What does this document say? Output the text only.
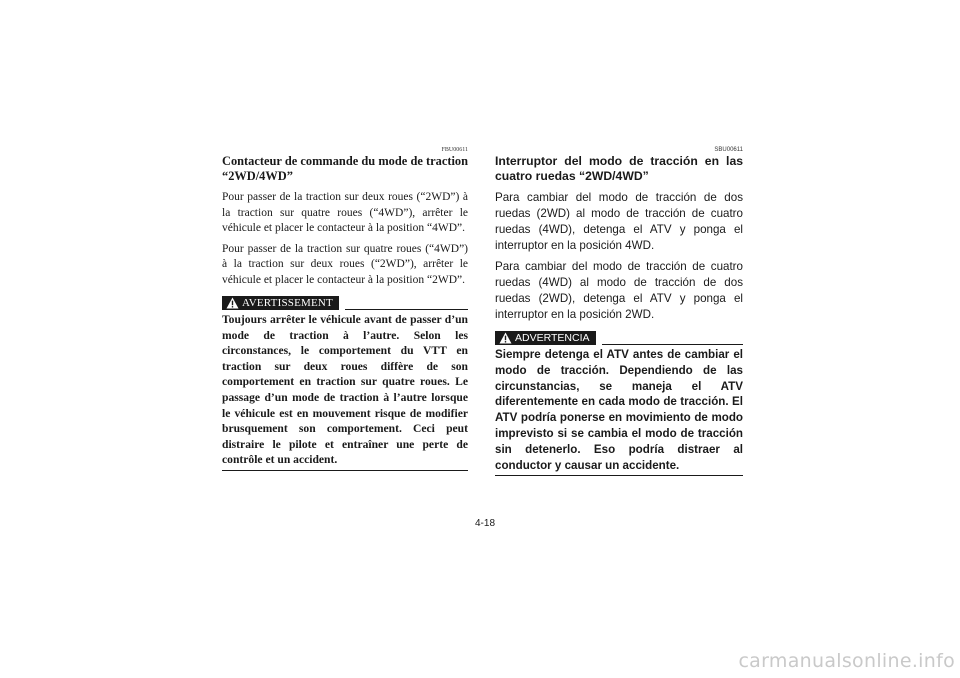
FBU00611
Contacteur de commande du mode de traction “2WD/4WD”

Pour passer de la traction sur deux roues (“2WD”) à la traction sur quatre roues (“4WD”), arrêter le véhicule et placer le contacteur à la position “4WD”.

Pour passer de la traction sur quatre roues (“4WD”) à la traction sur deux roues (“2WD”), arrêter le véhicule et placer le contacteur à la position “2WD”.

AVERTISSEMENT

Toujours arrêter le véhicule avant de passer d’un mode de traction à l’autre. Selon les circonstances, le comportement du VTT en traction sur deux roues diffère de son comportement en traction sur quatre roues. Le passage d’un mode de traction à l’autre lorsque le véhicule est en mouvement risque de modifier brusquement son comportement. Ceci peut distraire le pilote et entraîner une perte de contrôle et un accident.

SBU00611
Interruptor del modo de tracción en las cuatro ruedas “2WD/4WD”

Para cambiar del modo de tracción de dos ruedas (2WD) al modo de tracción de cuatro ruedas (4WD), detenga el ATV y ponga el interruptor en la posición 4WD.

Para cambiar del modo de tracción de cuatro ruedas (4WD) al modo de tracción de dos ruedas (2WD), detenga el ATV y ponga el interruptor en la posición 2WD.

ADVERTENCIA

Siempre detenga el ATV antes de cambiar el modo de tracción. Dependiendo de las circunstancias, se maneja el ATV diferentemente en cada modo de tracción. El ATV podría ponerse en movimiento de modo imprevisto si se cambia el modo de tracción sin detenerlo. Eso podría distraer al conductor y causar un accidente.

4-18
carmanualsonline.info
